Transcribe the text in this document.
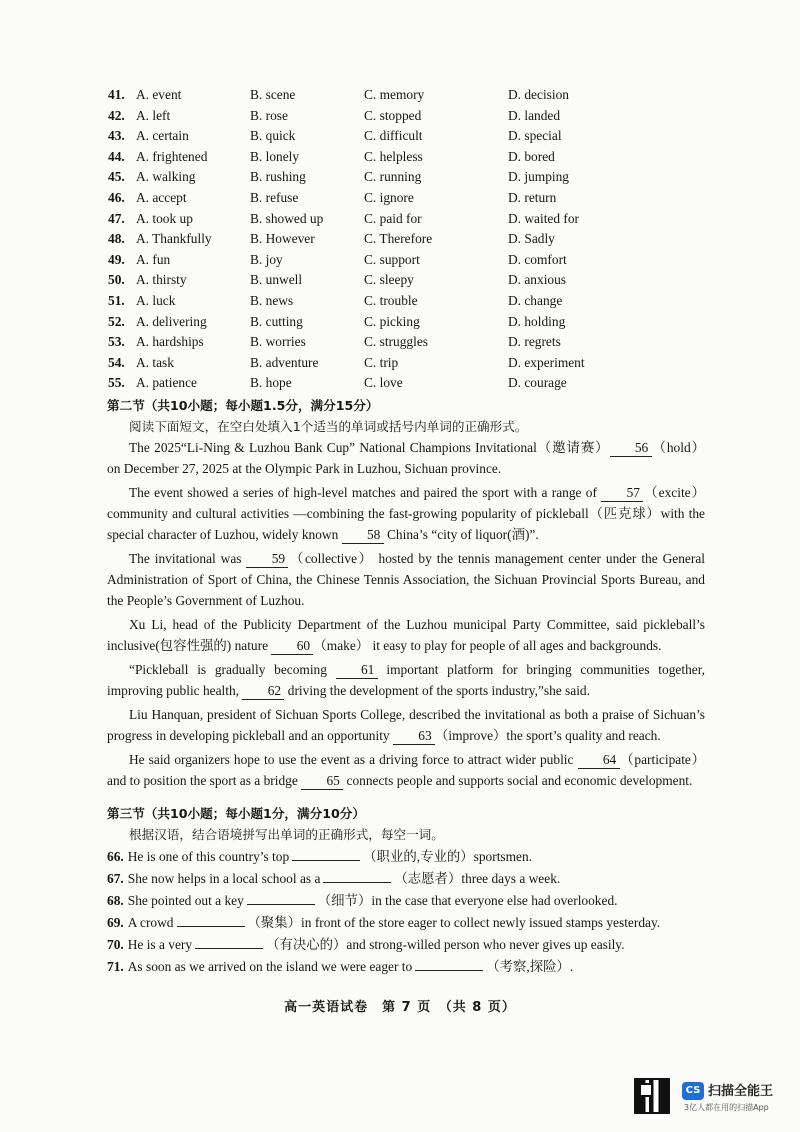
41. A. event	B. scene	C. memory	D. decision
42. A. left	B. rose	C. stopped	D. landed
43. A. certain	B. quick	C. difficult	D. special
44. A. frightened	B. lonely	C. helpless	D. bored
45. A. walking	B. rushing	C. running	D. jumping
46. A. accept	B. refuse	C. ignore	D. return
47. A. took up	B. showed up	C. paid for	D. waited for
48. A. Thankfully	B. However	C. Therefore	D. Sadly
49. A. fun	B. joy	C. support	D. comfort
50. A. thirsty	B. unwell	C. sleepy	D. anxious
51. A. luck	B. news	C. trouble	D. change
52. A. delivering	B. cutting	C. picking	D. holding
53. A. hardships	B. worries	C. struggles	D. regrets
54. A. task	B. adventure	C. trip	D. experiment
55. A. patience	B. hope	C. love	D. courage
第二节（共10小题；每小题1.5分，满分15分）
阅读下面短文，在空白处填入1个适当的单词或括号内单词的正确形式。
The 2025“Li-Ning & Luzhou Bank Cup” National Champions Invitational（邀请赛） 56 （hold） on December 27, 2025 at the Olympic Park in Luzhou, Sichuan province.
The event showed a series of high-level matches and paired the sport with a range of 57 （excite） community and cultural activities —combining the fast-growing popularity of pickleball（匹克球）with the special character of Luzhou, widely known 58 China’s “city of liquor(酒)”.
The invitational was 59 （collective） hosted by the tennis management center under the General Administration of Sport of China, the Chinese Tennis Association, the Sichuan Provincial Sports Bureau, and the People’s Government of Luzhou.
Xu Li, head of the Publicity Department of the Luzhou municipal Party Committee, said pickleball’s inclusive(包容性强的) nature 60 （make） it easy to play for people of all ages and backgrounds.
“Pickleball is gradually becoming	61 important platform for bringing communities together, improving public health, 62 driving the development of the sports industry,”she said.
Liu Hanquan, president of Sichuan Sports College, described the invitational as both a praise of Sichuan’s progress in developing pickleball and an opportunity 63 （improve）the sport’s quality and reach.
He said organizers hope to use the event as a driving force to attract wider public 64 （participate） and to position the sport as a bridge 65 connects people and supports social and economic development.
第三节（共10小题；每小题1分，满分10分）
根据汉语，结合语境拼写出单词的正确形式，每空一词。
66. He is one of this country’s top	（职业的,专业的）sportsmen.
67. She now helps in a local school as a	（志愿者）three days a week.
68. She pointed out a key	（细节）in the case that everyone else had overlooked.
69. A crowd	（聚集）in front of the store eager to collect newly issued stamps yesterday.
70. He is a very	（有决心的）and strong-willed person who never gives up easily.
71. As soon as we arrived on the island we were eager to	（考察,探险）.
高一英语试卷　第 7 页　（共 8 页）
CS 扫描全能王
3亿人都在用的扫描App
